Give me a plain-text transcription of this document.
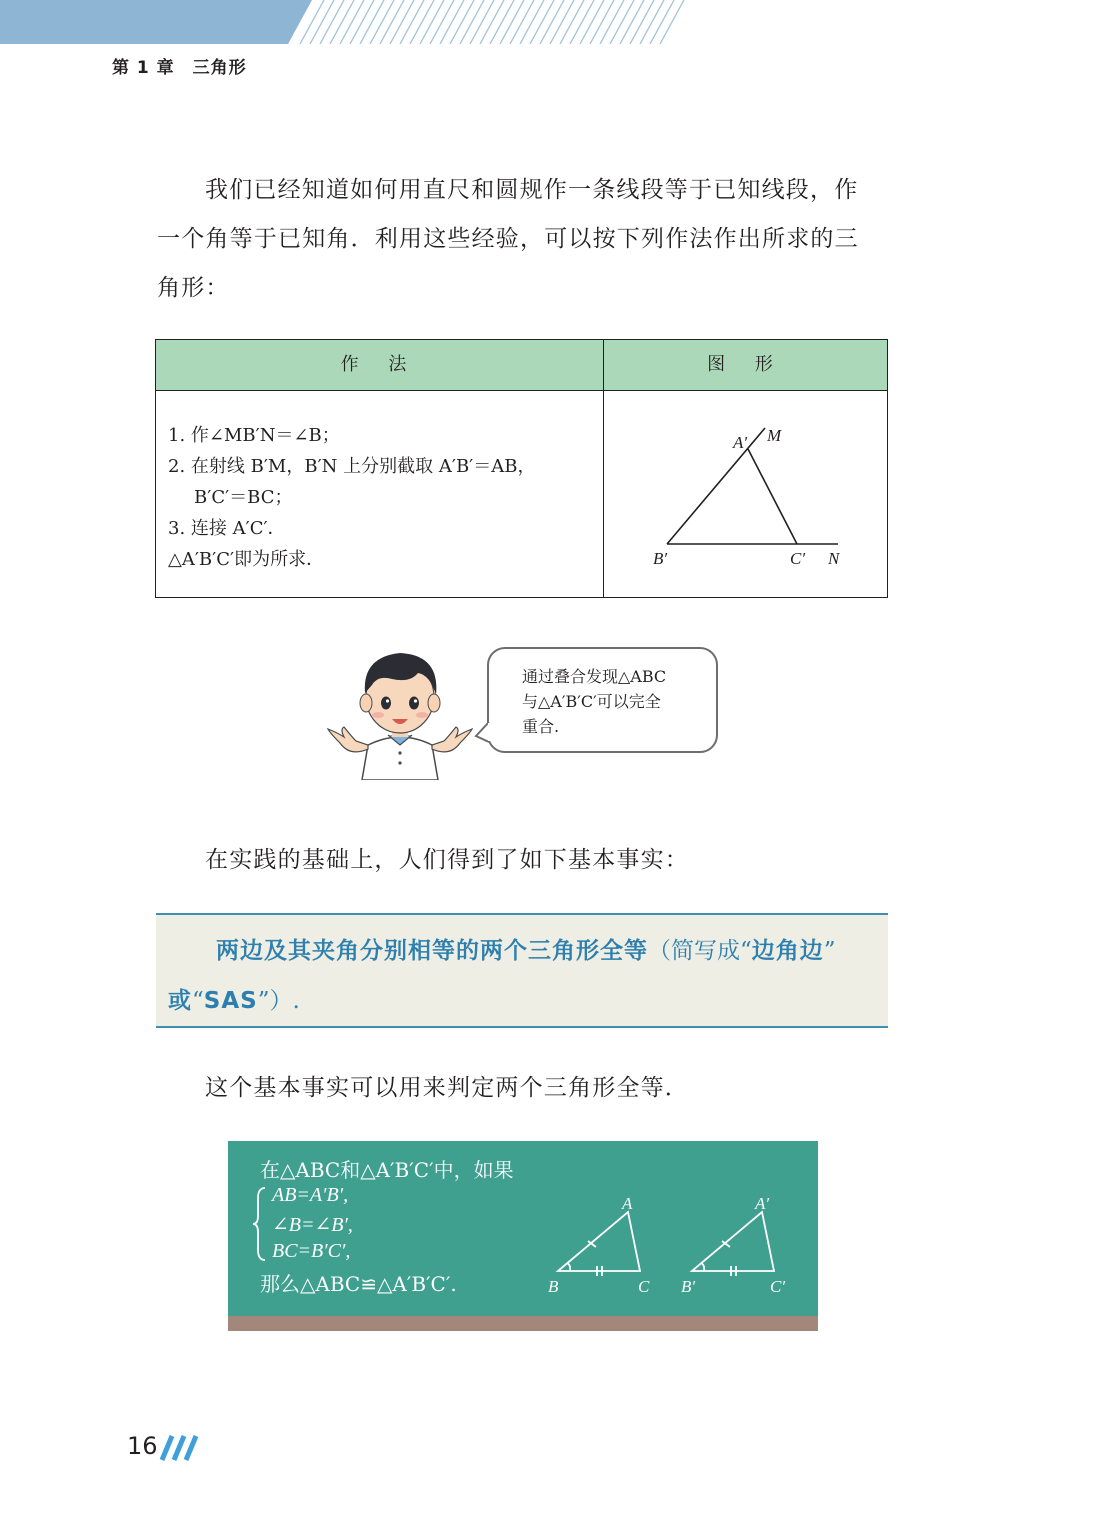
第 1 章　三角形
我们已经知道如何用直尺和圆规作一条线段等于已知线段，作
一个角等于已知角．利用这些经验，可以按下列作法作出所求的三
角形：
作 法	图 形
1. 作∠MB′N＝∠B；
2. 在射线 B′M，B′N 上分别截取 A′B′＝AB，
B′C′＝BC；
3. 连接 A′C′．
△A′B′C′即为所求．
A′ M
B′	C′ N
通过叠合发现△ABC
与△A′B′C′可以完全
重合.
在实践的基础上，人们得到了如下基本事实：
两边及其夹角分别相等的两个三角形全等（简写成“边角边”
或“SAS”）.
这个基本事实可以用来判定两个三角形全等．
在△ABC和△A′B′C′中，如果
AB=A′B′,
∠B=∠B′,
BC=B′C′,
那么△ABC≌△A′B′C′.
A
B	C
A′
B′	C′
16
